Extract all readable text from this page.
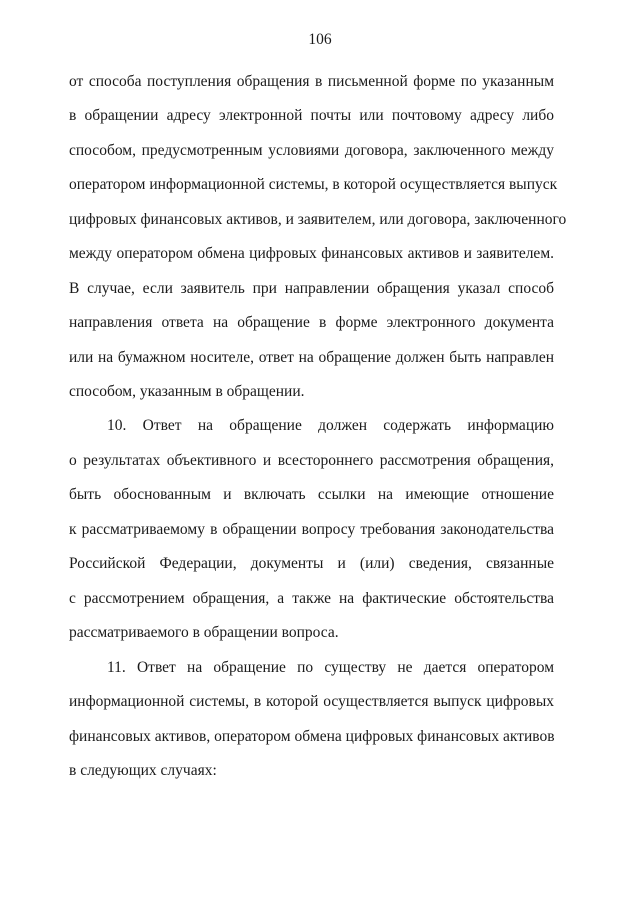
106
от способа поступления обращения в письменной форме по указанным
в обращении адресу электронной почты или почтовому адресу либо
способом, предусмотренным условиями договора, заключенного между
оператором информационной системы, в которой осуществляется выпуск
цифровых финансовых активов, и заявителем, или договора, заключенного
между оператором обмена цифровых финансовых активов и заявителем.
В случае, если заявитель при направлении обращения указал способ
направления ответа на обращение в форме электронного документа
или на бумажном носителе, ответ на обращение должен быть направлен
способом, указанным в обращении.
10. Ответ на обращение должен содержать информацию
о результатах объективного и всестороннего рассмотрения обращения,
быть обоснованным и включать ссылки на имеющие отношение
к рассматриваемому в обращении вопросу требования законодательства
Российской Федерации, документы и (или) сведения, связанные
с рассмотрением обращения, а также на фактические обстоятельства
рассматриваемого в обращении вопроса.
11. Ответ на обращение по существу не дается оператором
информационной системы, в которой осуществляется выпуск цифровых
финансовых активов, оператором обмена цифровых финансовых активов
в следующих случаях:
